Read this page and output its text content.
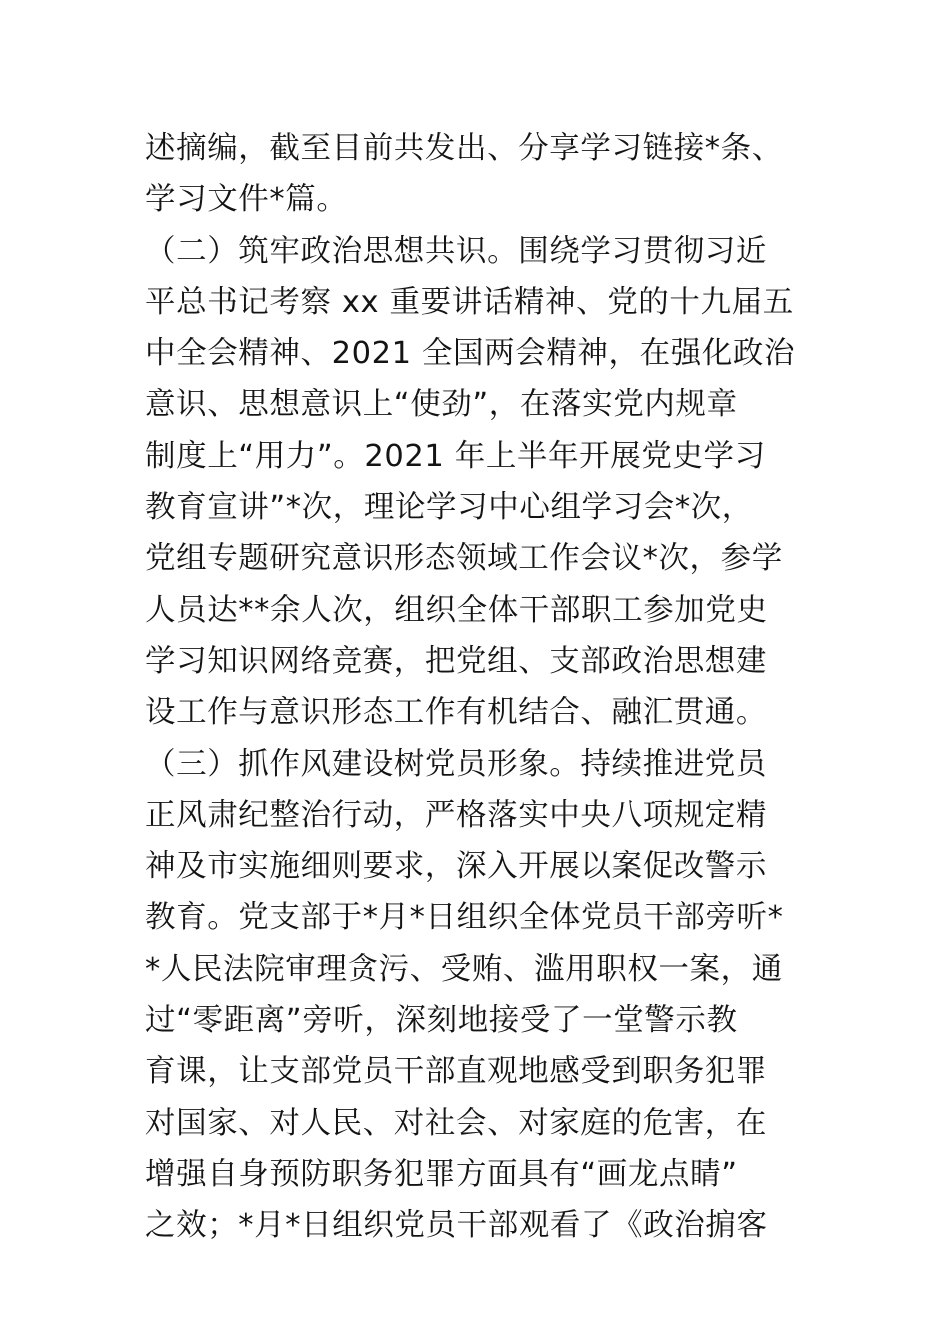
述摘编，截至目前共发出、分享学习链接*条、
学习文件*篇。
（二）筑牢政治思想共识。围绕学习贯彻习近
平总书记考察 xx 重要讲话精神、党的十九届五
中全会精神、2021 全国两会精神，在强化政治
意识、思想意识上“使劲”，在落实党内规章
制度上“用力”。2021 年上半年开展党史学习
教育宣讲”*次，理论学习中心组学习会*次，
党组专题研究意识形态领域工作会议*次，参学
人员达**余人次，组织全体干部职工参加党史
学习知识网络竞赛，把党组、支部政治思想建
设工作与意识形态工作有机结合、融汇贯通。
（三）抓作风建设树党员形象。持续推进党员
正风肃纪整治行动，严格落实中央八项规定精
神及市实施细则要求，深入开展以案促改警示
教育。党支部于*月*日组织全体党员干部旁听*
*人民法院审理贪污、受贿、滥用职权一案，通
过“零距离”旁听，深刻地接受了一堂警示教
育课，让支部党员干部直观地感受到职务犯罪
对国家、对人民、对社会、对家庭的危害，在
增强自身预防职务犯罪方面具有“画龙点睛”
之效；*月*日组织党员干部观看了《政治掮客
